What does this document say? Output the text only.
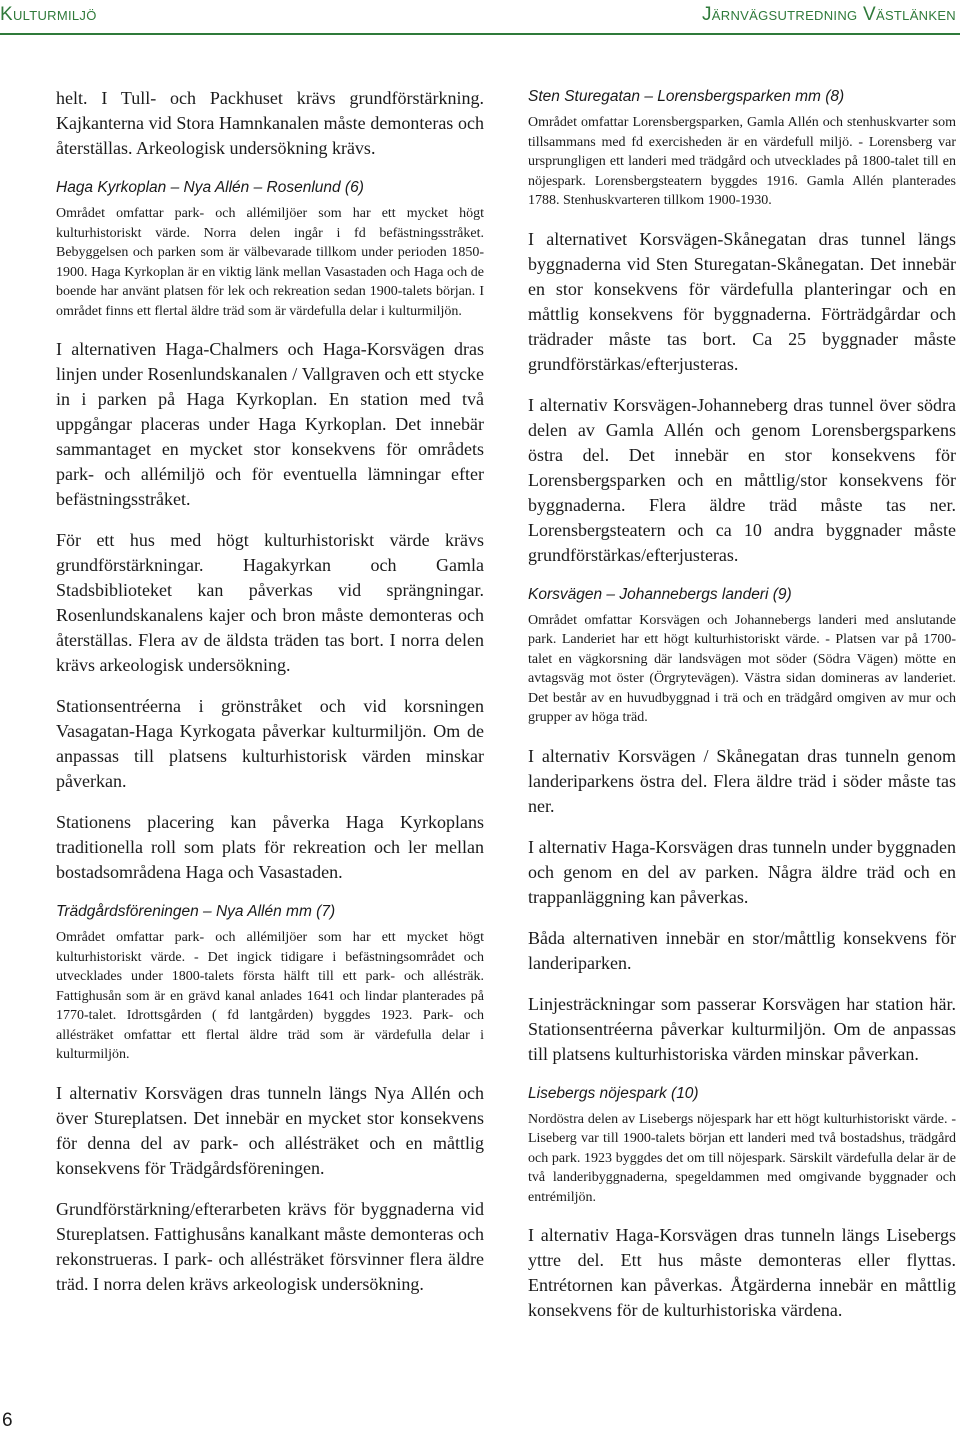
Kulturmiljö	Järnvägsutredning Västlänken

helt. I Tull- och Packhuset krävs grundförstärkning. Kajkanterna vid Stora Hamnkanalen måste demonteras och återställas. Arkeologisk undersökning krävs.

Haga Kyrkoplan – Nya Allén – Rosenlund (6)

Området omfattar park- och allémiljöer som har ett mycket högt kulturhistoriskt värde. Norra delen ingår i fd befästningsstråket. Bebyggelsen och parken som är välbevarade tillkom under perioden 1850-1900. Haga Kyrkoplan är en viktig länk mellan Vasastaden och Haga och de boende har använt platsen för lek och rekreation sedan 1900-talets början. I området finns ett flertal äldre träd som är värdefulla delar i kulturmiljön.

I alternativen Haga-Chalmers och Haga-Korsvägen dras linjen under Rosenlundskanalen / Vallgraven och ett stycke in i parken på Haga Kyrkoplan. En station med två uppgångar placeras under Haga Kyrkoplan. Det innebär sammantaget en mycket stor konsekvens för områdets park- och allémiljö och för eventuella lämningar efter befästningsstråket.

För ett hus med högt kulturhistoriskt värde krävs grundförstärkningar. Hagakyrkan och Gamla Stadsbiblioteket kan påverkas vid sprängningar. Rosenlundskanalens kajer och bron måste demonteras och återställas. Flera av de äldsta träden tas bort. I norra delen krävs arkeologisk undersökning.

Stationsentréerna i grönstråket och vid korsningen Vasagatan-Haga Kyrkogata påverkar kulturmiljön. Om de anpassas till platsens kulturhistorisk värden minskar påverkan.

Stationens placering kan påverka Haga Kyrkoplans traditionella roll som plats för rekreation och ler mellan bostadsområdena Haga och Vasastaden.

Trädgårdsföreningen – Nya Allén mm (7)

Området omfattar park- och allémiljöer som har ett mycket högt kulturhistoriskt värde. - Det ingick tidigare i befästningsområdet och utvecklades under 1800-talets första hälft till ett park- och allésträk. Fattighusån som är en grävd kanal anlades 1641 och lindar planterades på 1770-talet. Idrottsgården ( fd lantgården) byggdes 1923. Park- och allésträket omfattar ett flertal äldre träd som är värdefulla delar i kulturmiljön.

I alternativ Korsvägen dras tunneln längs Nya Allén och över Stureplatsen. Det innebär en mycket stor konsekvens för denna del av park- och allésträket och en måttlig konsekvens för Trädgårdsföreningen.

Grundförstärkning/efterarbeten krävs för byggnaderna vid Stureplatsen. Fattighusåns kanalkant måste demonteras och rekonstrueras. I park- och allésträket försvinner flera äldre träd. I norra delen krävs arkeologisk undersökning.

Sten Sturegatan – Lorensbergsparken mm (8)

Området omfattar Lorensbergsparken, Gamla Allén och stenhuskvarter som tillsammans med fd exercisheden är en värdefull miljö. - Lorensberg var ursprungligen ett landeri med trädgård och utvecklades på 1800-talet till en nöjespark. Lorensbergsteatern byggdes 1916. Gamla Allén planterades 1788. Stenhuskvarteren tillkom 1900-1930.

I alternativet Korsvägen-Skånegatan dras tunnel längs byggnaderna vid Sten Sturegatan-Skånegatan. Det innebär en stor konsekvens för värdefulla planteringar och en måttlig konsekvens för byggnaderna. Förträdgårdar och trädrader måste tas bort. Ca 25 byggnader måste grundförstärkas/efterjusteras.

I alternativ Korsvägen-Johanneberg dras tunnel över södra delen av Gamla Allén och genom Lorensbergsparkens östra del. Det innebär en stor konsekvens för Lorensbergsparken och en måttlig/stor konsekvens för byggnaderna. Flera äldre träd måste tas ner. Lorensbergsteatern och ca 10 andra byggnader måste grundförstärkas/efterjusteras.

Korsvägen – Johannebergs landeri (9)

Området omfattar Korsvägen och Johannebergs landeri med anslutande park. Landeriet har ett högt kulturhistoriskt värde. - Platsen var på 1700-talet en vägkorsning där landsvägen mot söder (Södra Vägen) mötte en avtagsväg mot öster (Örgrytevägen). Västra sidan domineras av landeriet. Det består av en huvudbyggnad i trä och en trädgård omgiven av mur och grupper av höga träd.

I alternativ Korsvägen / Skånegatan dras tunneln genom landeriparkens östra del. Flera äldre träd i söder måste tas ner.

I alternativ Haga-Korsvägen dras tunneln under byggnaden och genom en del av parken. Några äldre träd och en trappanläggning kan påverkas.

Båda alternativen innebär en stor/måttlig konsekvens för landeriparken.

Linjesträckningar som passerar Korsvägen har station här. Stationsentréerna påverkar kulturmiljön. Om de anpassas till platsens kulturhistoriska värden minskar påverkan.

Lisebergs nöjespark (10)

Nordöstra delen av Lisebergs nöjespark har ett högt kulturhistoriskt värde. - Liseberg var till 1900-talets början ett landeri med två bostadshus, trädgård och park. 1923 byggdes det om till nöjespark. Särskilt värdefulla delar är de två landeribyggnaderna, spegeldammen med omgivande byggnader och entrémiljön.

I alternativ Haga-Korsvägen dras tunneln längs Lisebergs yttre del. Ett hus måste demonteras eller flyttas. Entrétornen kan påverkas. Åtgärderna innebär en måttlig konsekvens för de kulturhistoriska värdena.

6
